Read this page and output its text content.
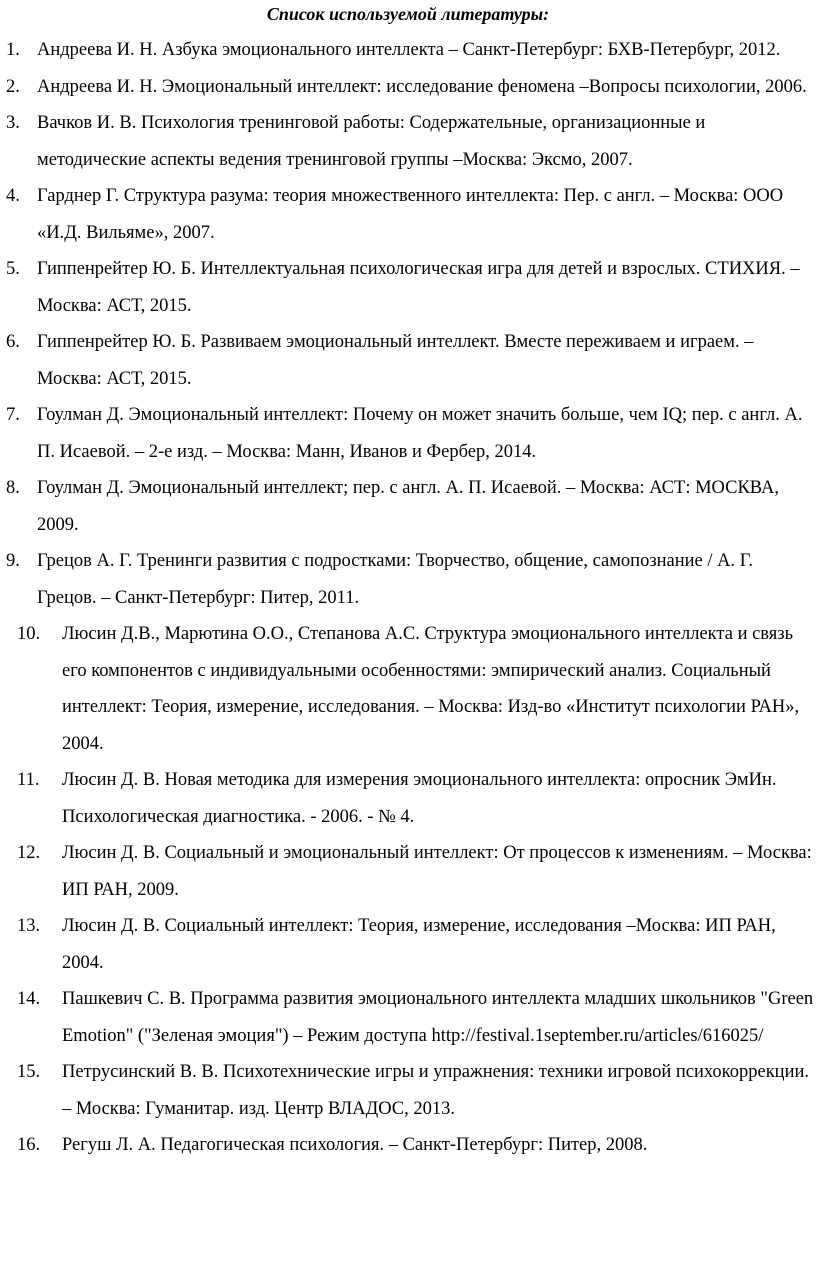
Список используемой литературы:
1. Андреева И. Н. Азбука эмоционального интеллекта – Санкт-Петербург: БХВ-Петербург, 2012.
2. Андреева И. Н. Эмоциональный интеллект: исследование феномена –Вопросы психологии, 2006.
3. Вачков И. В. Психология тренинговой работы: Содержательные, организационные и методические аспекты ведения тренинговой группы –Москва: Эксмо, 2007.
4. Гарднер Г. Структура разума: теория множественного интеллекта: Пер. с англ. – Москва: ООО «И.Д. Вильяме», 2007.
5. Гиппенрейтер Ю. Б. Интеллектуальная психологическая игра для детей и взрослых. СТИХИЯ. – Москва: АСТ, 2015.
6. Гиппенрейтер Ю. Б. Развиваем эмоциональный интеллект. Вместе переживаем и играем. – Москва: АСТ, 2015.
7. Гоулман Д. Эмоциональный интеллект: Почему он может значить больше, чем IQ; пер. с англ. А. П. Исаевой. – 2-е изд. – Москва: Манн, Иванов и Фербер, 2014.
8. Гоулман Д. Эмоциональный интеллект; пер. с англ. А. П. Исаевой. – Москва: АСТ: МОСКВА, 2009.
9. Грецов А. Г. Тренинги развития с подростками: Творчество, общение, самопознание / А. Г. Грецов. – Санкт-Петербург: Питер, 2011.
10.	Люсин Д.В., Марютина О.О., Степанова А.С. Структура эмоционального интеллекта и связь его компонентов с индивидуальными особенностями: эмпирический анализ. Социальный интеллект: Теория, измерение, исследования. – Москва: Изд-во «Институт психологии РАН», 2004.
11.	Люсин Д. В. Новая методика для измерения эмоционального интеллекта: опросник ЭмИн. Психологическая диагностика. - 2006. - № 4.
12.	Люсин Д. В. Социальный и эмоциональный интеллект: От процессов к изменениям. – Москва: ИП РАН, 2009.
13.	Люсин Д. В. Социальный интеллект: Теория, измерение, исследования –Москва: ИП РАН, 2004.
14.	Пашкевич С. В. Программа развития эмоционального интеллекта младших школьников "Green Emotion" ("Зеленая эмоция") – Режим доступа http://festival.1september.ru/articles/616025/
15.	Петрусинский В. В. Психотехнические игры и упражнения: техники игровой психокоррекции. – Москва: Гуманитар. изд. Центр ВЛАДОС, 2013.
16.	Регуш Л. А. Педагогическая психология. – Санкт-Петербург: Питер, 2008.
